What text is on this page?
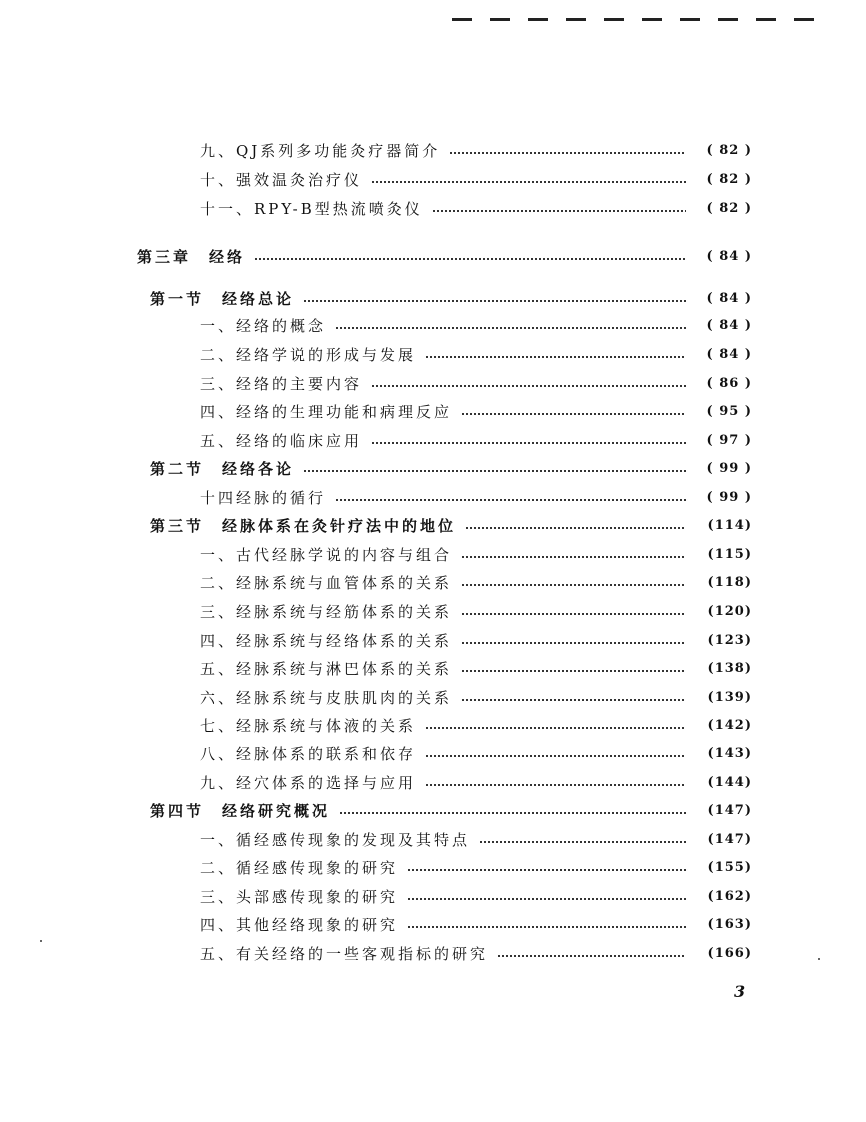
九、QJ系列多功能灸疗器简介	( 82 )
十、强效温灸治疗仪	( 82 )
十一、RPY-B型热流喷灸仪	( 82 )
第三章　经络	( 84 )
第一节　经络总论	( 84 )
一、经络的概念	( 84 )
二、经络学说的形成与发展	( 84 )
三、经络的主要内容	( 86 )
四、经络的生理功能和病理反应	( 95 )
五、经络的临床应用	( 97 )
第二节　经络各论	( 99 )
十四经脉的循行	( 99 )
第三节　经脉体系在灸针疗法中的地位	(114)
一、古代经脉学说的内容与组合	(115)
二、经脉系统与血管体系的关系	(118)
三、经脉系统与经筋体系的关系	(120)
四、经脉系统与经络体系的关系	(123)
五、经脉系统与淋巴体系的关系	(138)
六、经脉系统与皮肤肌肉的关系	(139)
七、经脉系统与体液的关系	(142)
八、经脉体系的联系和依存	(143)
九、经穴体系的选择与应用	(144)
第四节　经络研究概况	(147)
一、循经感传现象的发现及其特点	(147)
二、循经感传现象的研究	(155)
三、头部感传现象的研究	(162)
四、其他经络现象的研究	(163)
五、有关经络的一些客观指标的研究	(166)
3
